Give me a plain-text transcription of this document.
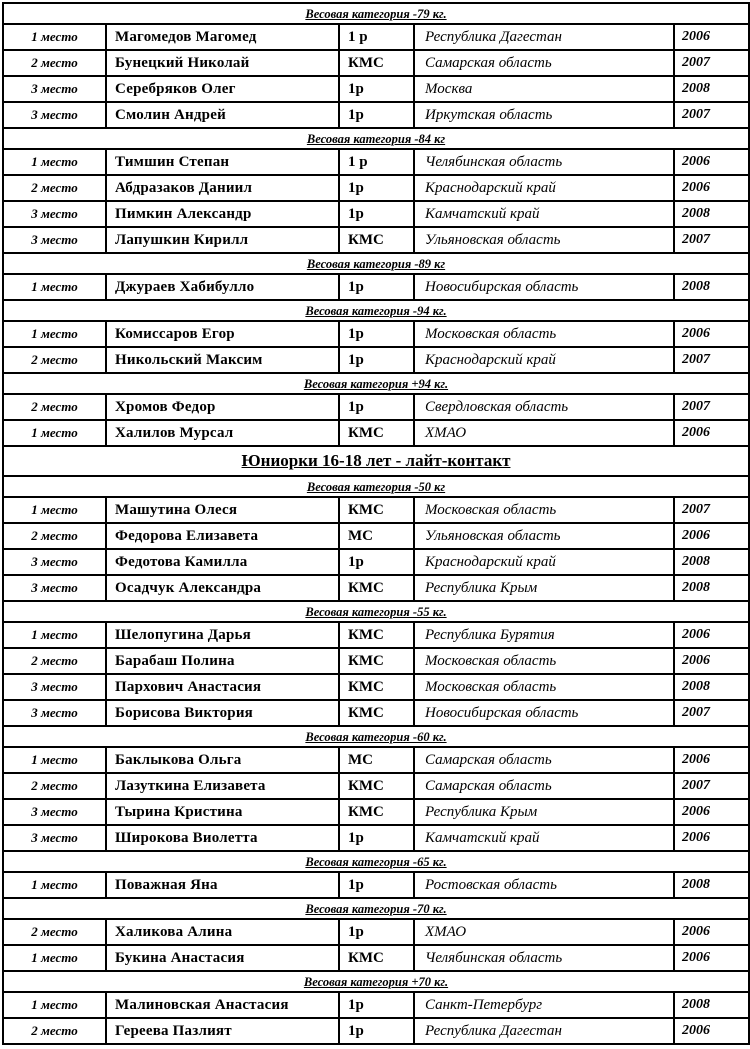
Весовая категория -79 кг.				
1 место	Магомедов Магомед	1 р	Республика Дагестан	2006
2 место	Бунецкий Николай	КМС	Самарская область	2007
3 место	Серебряков Олег	1р	Москва	2008
3 место	Смолин Андрей	1р	Иркутская область	2007
Весовая категория -84 кг				
1 место	Тимшин Степан	1 р	Челябинская область	2006
2 место	Абдразаков Даниил	1р	Краснодарский край	2006
3 место	Пимкин Александр	1р	Камчатский край	2008
3 место	Лапушкин Кирилл	КМС	Ульяновская область	2007
Весовая категория -89 кг				
1 место	Джураев Хабибулло	1р	Новосибирская область	2008
Весовая категория -94 кг.				
1 место	Комиссаров Егор	1р	Московская область	2006
2 место	Никольский Максим	1р	Краснодарский край	2007
Весовая категория +94 кг.				
2 место	Хромов Федор	1р	Свердловская область	2007
1 место	Халилов Мурсал	КМС	ХМАО	2006
Юниорки 16-18 лет - лайт-контакт				
Весовая категория -50 кг				
1 место	Машутина Олеся	КМС	Московская область	2007
2 место	Федорова Елизавета	МС	Ульяновская область	2006
3 место	Федотова Камилла	1р	Краснодарский край	2008
3 место	Осадчук Александра	КМС	Республика Крым	2008
Весовая категория -55 кг.				
1 место	Шелопугина Дарья	КМС	Республика Бурятия	2006
2 место	Барабаш Полина	КМС	Московская область	2006
3 место	Пархович Анастасия	КМС	Московская область	2008
3 место	Борисова Виктория	КМС	Новосибирская область	2007
Весовая категория -60 кг.				
1 место	Баклыкова Ольга	МС	Самарская область	2006
2 место	Лазуткина Елизавета	КМС	Самарская область	2007
3 место	Тырина Кристина	КМС	Республика Крым	2006
3 место	Широкова Виолетта	1р	Камчатский край	2006
Весовая категория -65 кг.				
1 место	Поважная Яна	1р	Ростовская область	2008
Весовая категория -70 кг.				
2 место	Халикова Алина	1р	ХМАО	2006
1 место	Букина Анастасия	КМС	Челябинская область	2006
Весовая категория +70 кг.				
1 место	Малиновская Анастасия	1р	Санкт-Петербург	2008
2 место	Гереева Пазлият	1р	Республика Дагестан	2006
